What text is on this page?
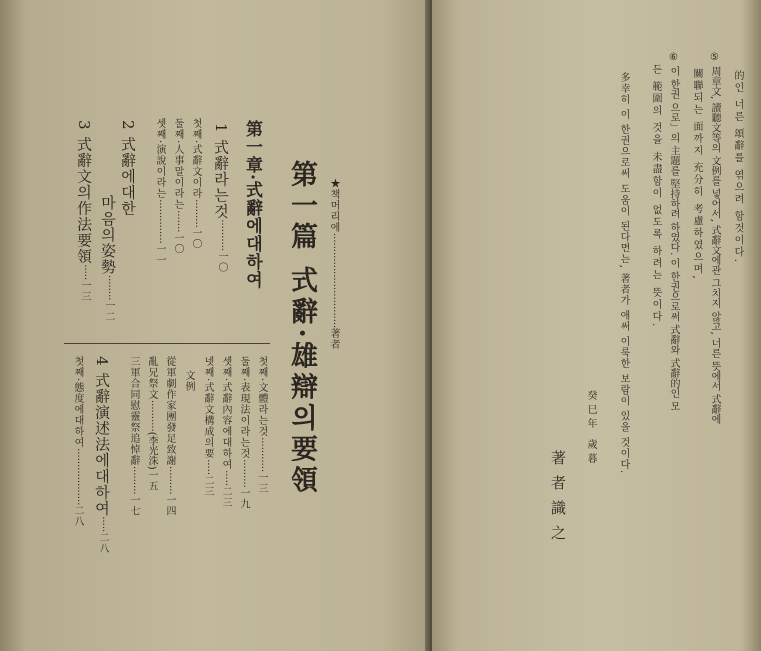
★책머리에······························著者
第一篇 式辭·雄辯의要領
第一章·式辭에대하여
1 式辭라는것··········一〇
첫째·式辭文이라·········一〇
둘째·人事말이라는·······一〇
셋째·演說이라는··············一一
2 式辭에대한
마음의姿勢········一二
3 式辭文의作法要領·····一三
첫째·文體라는것···········一三
둘째·表現法이라는것·········一九
셋째·式辭內容에대하여·····二三
넷째·式辭文構成의要·····二三
文例
從軍劇作家團發足致謝·········一四
亂兄祭文··········(李光洙)一五
三軍合同慰靈祭追悼辭·········一七
4 式辭演述法에대하여·····二八
첫째·態度에대하여··················二八
的인 너른 頌辭를 엮으려 함것이다.
⑤ 周章文, 讀聽文等의 文例를 넣어서, 式辭文에관 그치지 않고, 너른 뜻에서 式辭에
關聯되는 面까지 充分히 考慮하였으며,
⑥ 이 한권 으로」의 主題를 堅持하려 하였다. 이 한권으로써 式辭와 式辭的인 모
든 範圍의 것을 未盡함이 없도록 하려는 뜻이다.
多幸히 이 한권으로써 도움이 된다면는, 著者가 애써 이룩한 보람이 있을 것이다.
癸巳年 歲暮
著者識之
